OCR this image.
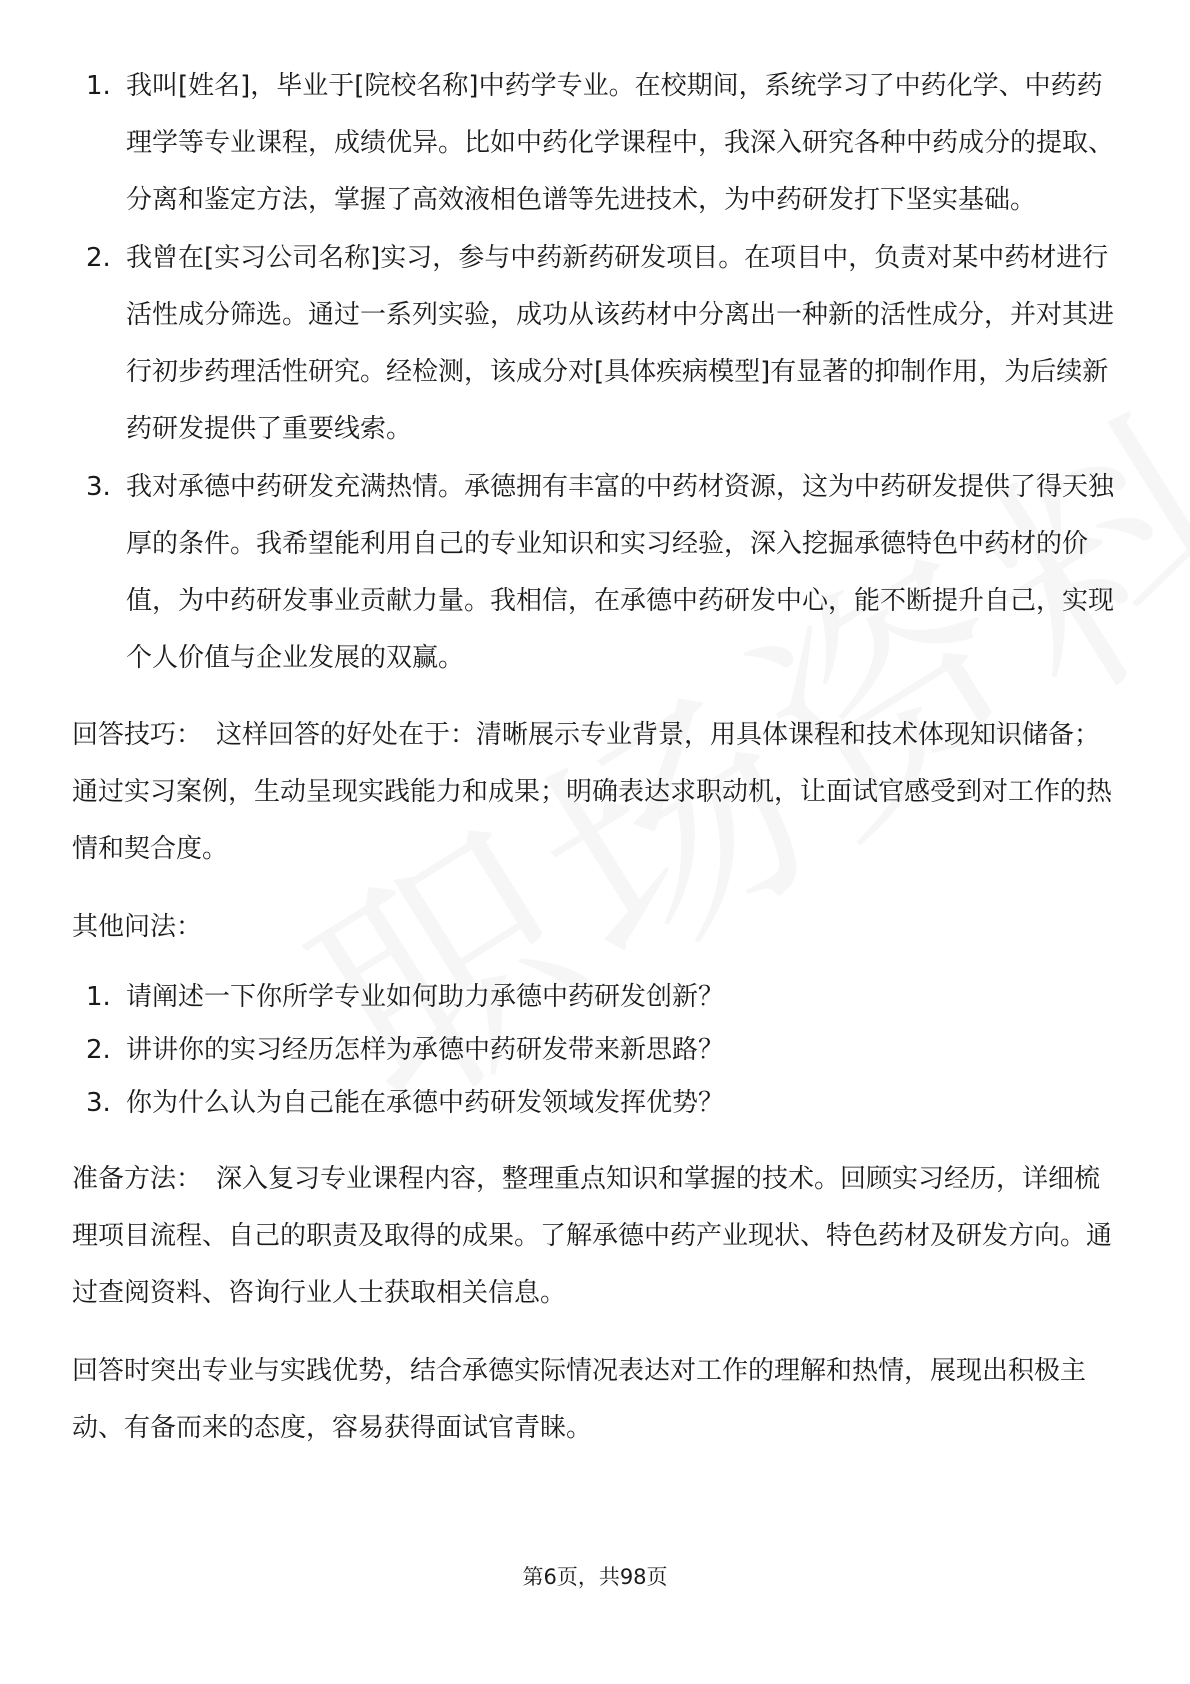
1. 我叫[姓名]，毕业于[院校名称]中药学专业。在校期间，系统学习了中药化学、中药药理学等专业课程，成绩优异。比如中药化学课程中，我深入研究各种中药成分的提取、分离和鉴定方法，掌握了高效液相色谱等先进技术，为中药研发打下坚实基础。
2. 我曾在[实习公司名称]实习，参与中药新药研发项目。在项目中，负责对某中药材进行活性成分筛选。通过一系列实验，成功从该药材中分离出一种新的活性成分，并对其进行初步药理活性研究。经检测，该成分对[具体疾病模型]有显著的抑制作用，为后续新药研发提供了重要线索。
3. 我对承德中药研发充满热情。承德拥有丰富的中药材资源，这为中药研发提供了得天独厚的条件。我希望能利用自己的专业知识和实习经验，深入挖掘承德特色中药材的价值，为中药研发事业贡献力量。我相信，在承德中药研发中心，能不断提升自己，实现个人价值与企业发展的双赢。

回答技巧： 这样回答的好处在于：清晰展示专业背景，用具体课程和技术体现知识储备；通过实习案例，生动呈现实践能力和成果；明确表达求职动机，让面试官感受到对工作的热情和契合度。

其他问法：

1. 请阐述一下你所学专业如何助力承德中药研发创新？
2. 讲讲你的实习经历怎样为承德中药研发带来新思路？
3. 你为什么认为自己能在承德中药研发领域发挥优势？

准备方法： 深入复习专业课程内容，整理重点知识和掌握的技术。回顾实习经历，详细梳理项目流程、自己的职责及取得的成果。了解承德中药产业现状、特色药材及研发方向。通过查阅资料、咨询行业人士获取相关信息。

回答时突出专业与实践优势，结合承德实际情况表达对工作的理解和热情，展现出积极主动、有备而来的态度，容易获得面试官青睐。

第6页，共98页
